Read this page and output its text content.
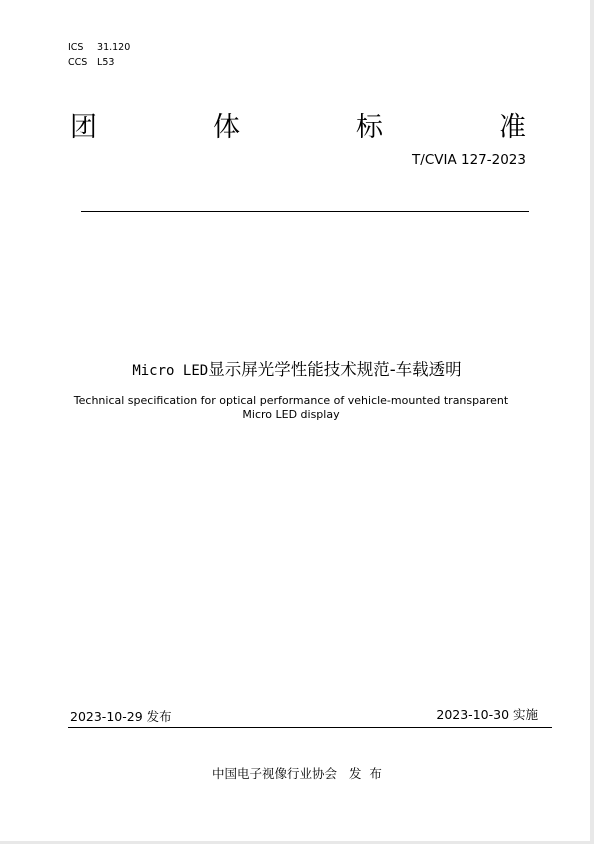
ICS 31.120
CCS L53
团	体	标	准
T/CVIA 127-2023
Micro LED显示屏光学性能技术规范-车载透明
Technical specification for optical performance of vehicle-mounted transparent
Micro LED display
2023-10-29 发布	2023-10-30 实施
中国电子视像行业协会 发  布
